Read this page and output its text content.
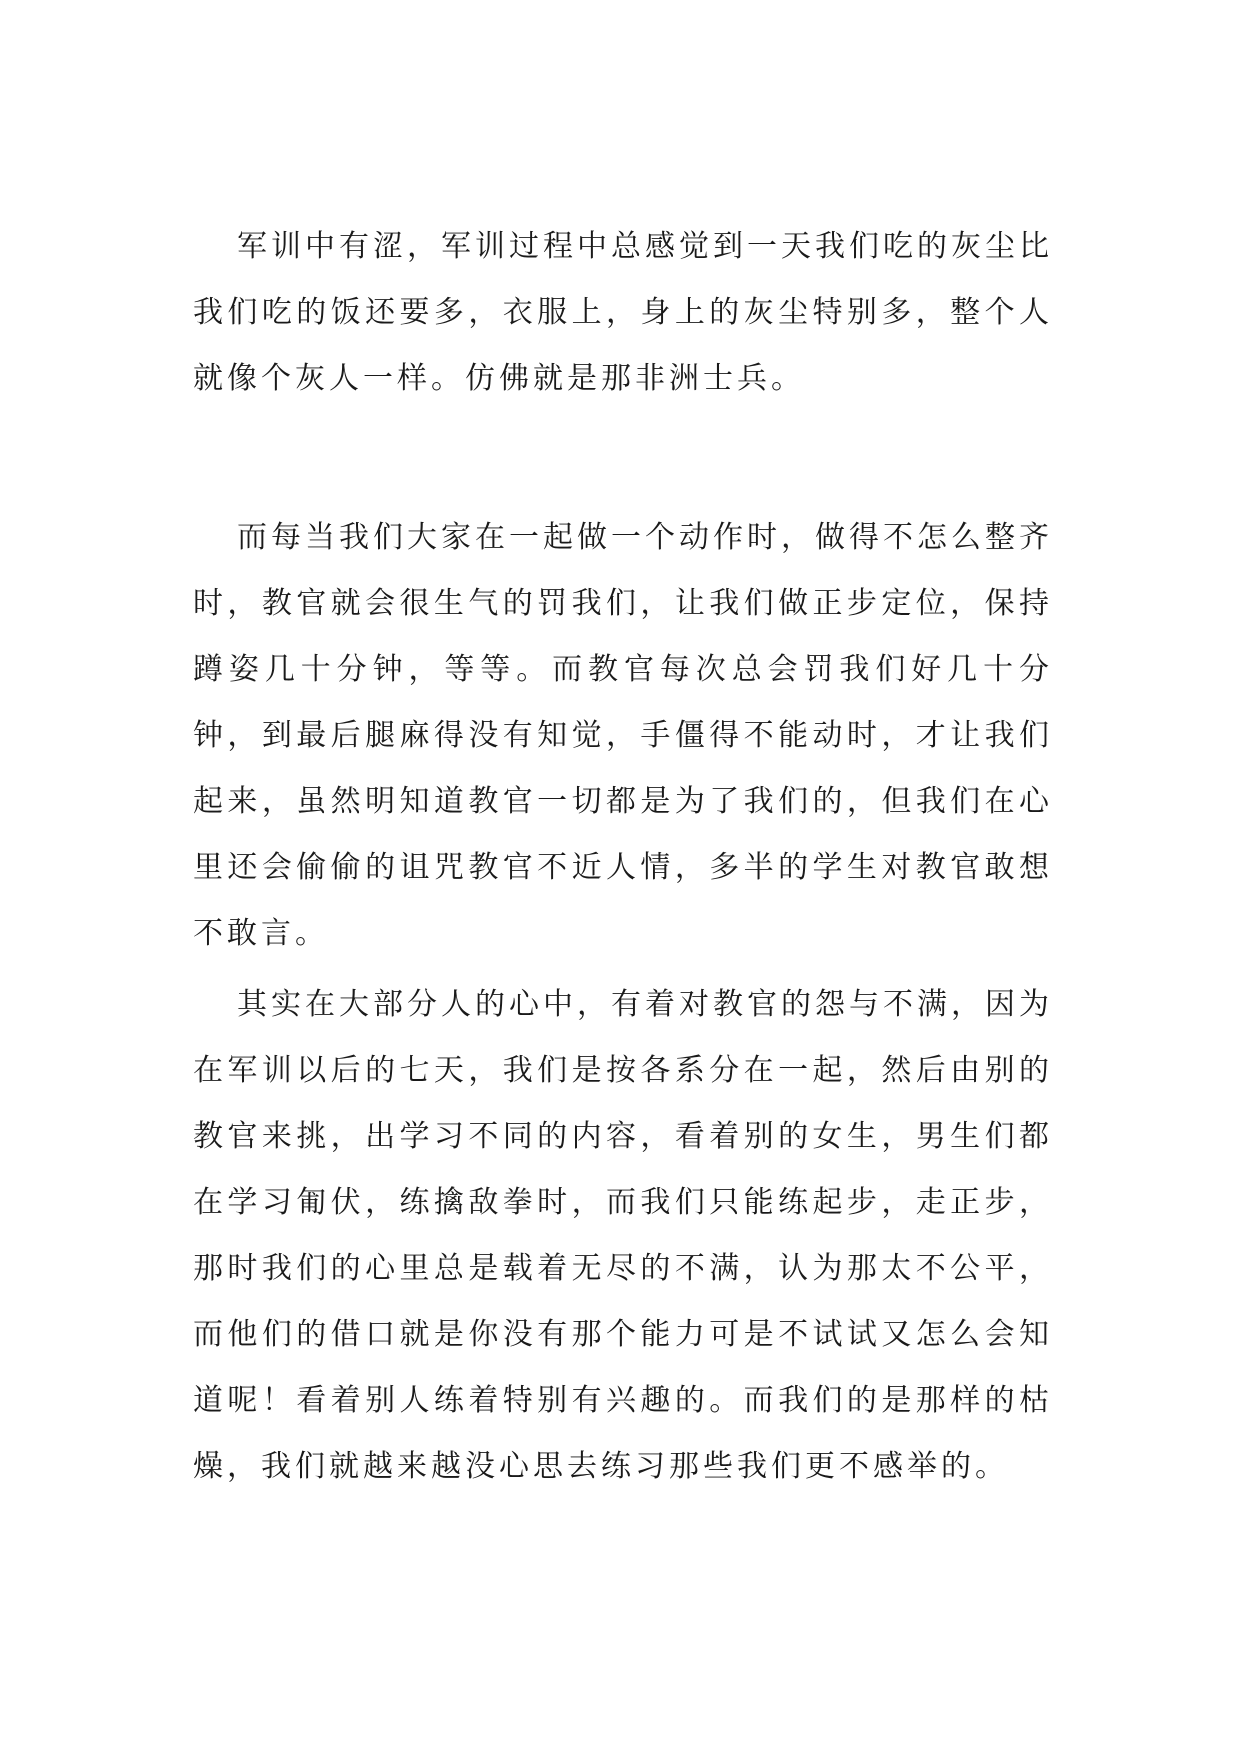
军训中有涩，军训过程中总感觉到一天我们吃的灰尘比我们吃的饭还要多，衣服上，身上的灰尘特别多，整个人就像个灰人一样。仿佛就是那非洲士兵。

而每当我们大家在一起做一个动作时，做得不怎么整齐时，教官就会很生气的罚我们，让我们做正步定位，保持蹲姿几十分钟，等等。而教官每次总会罚我们好几十分钟，到最后腿麻得没有知觉，手僵得不能动时，才让我们起来，虽然明知道教官一切都是为了我们的，但我们在心里还会偷偷的诅咒教官不近人情，多半的学生对教官敢想不敢言。

其实在大部分人的心中，有着对教官的怨与不满，因为在军训以后的七天，我们是按各系分在一起，然后由别的教官来挑，出学习不同的内容，看着别的女生，男生们都在学习匍伏，练擒敌拳时，而我们只能练起步，走正步，那时我们的心里总是载着无尽的不满，认为那太不公平，而他们的借口就是你没有那个能力可是不试试又怎么会知道呢！看着别人练着特别有兴趣的。而我们的是那样的枯燥，我们就越来越没心思去练习那些我们更不感举的。
